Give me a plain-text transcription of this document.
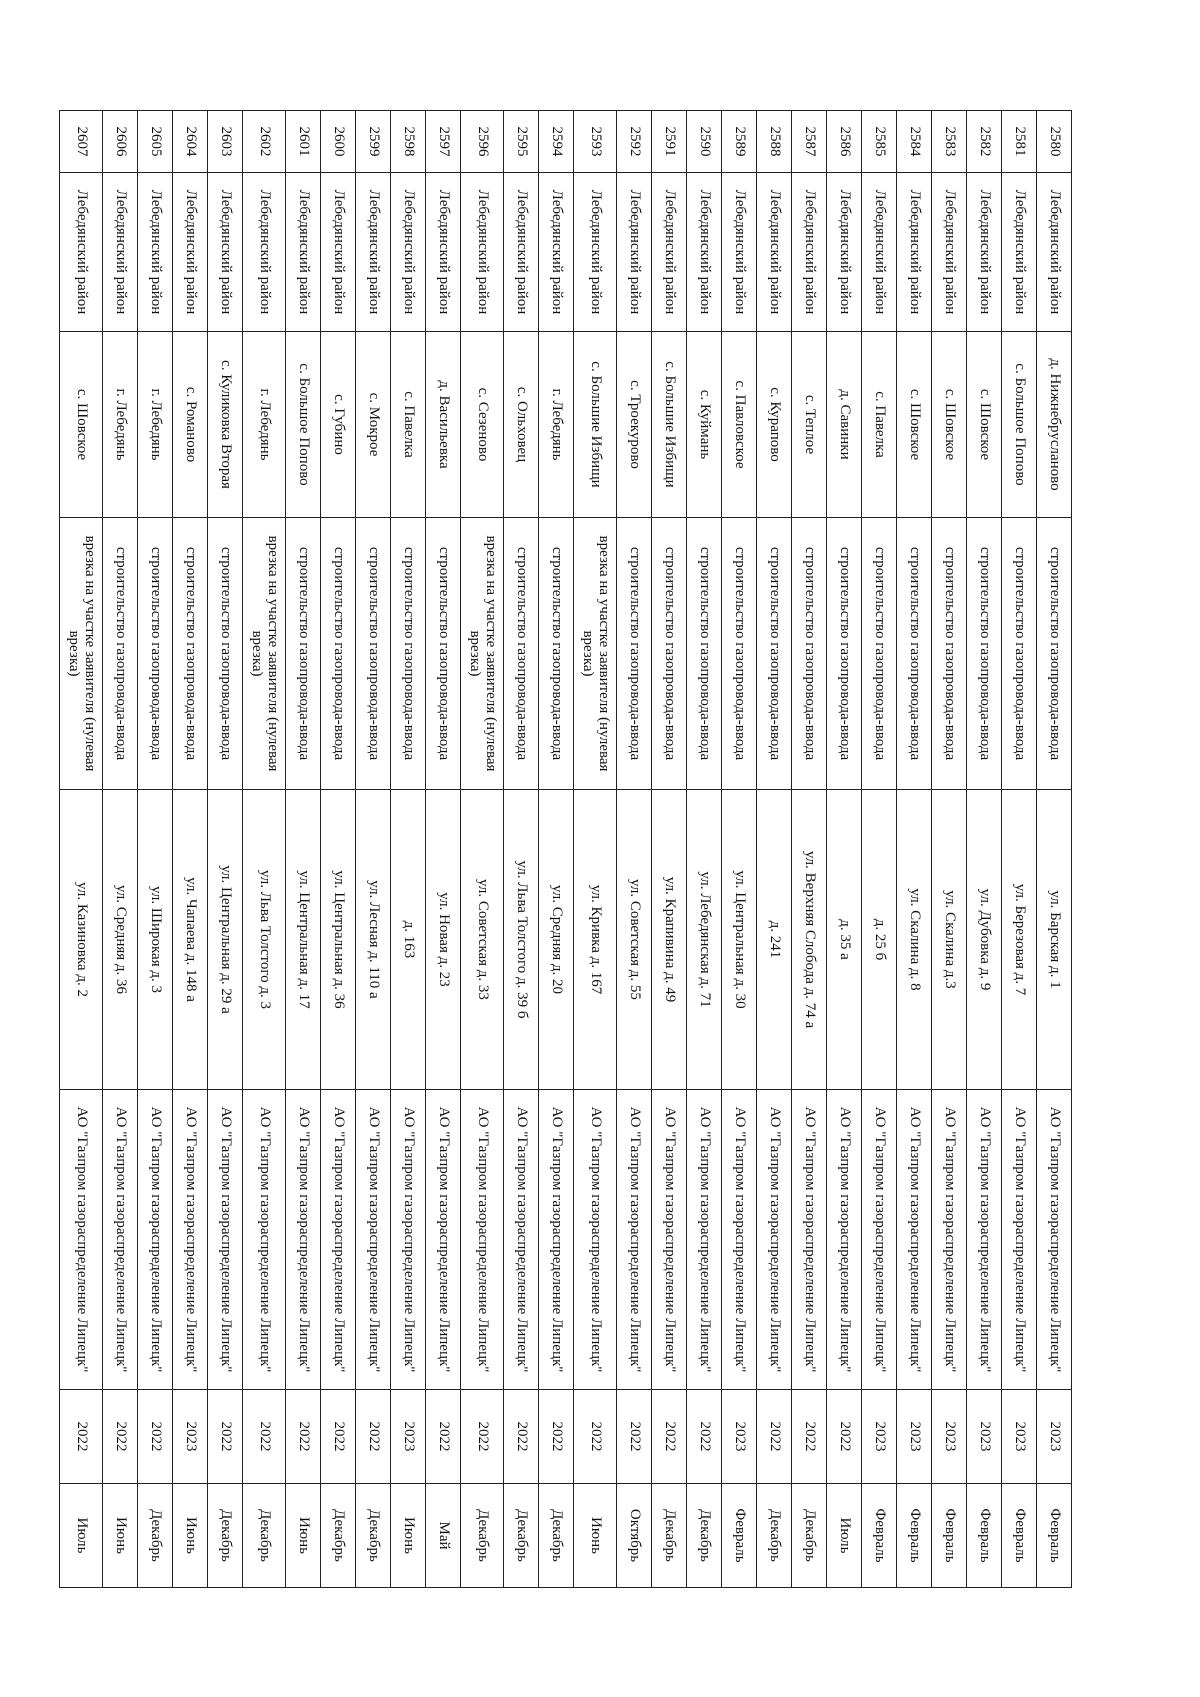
2580	Лебедянский район	д. Нижнебрусланово	строительство газопровода-ввода	ул. Барская д. 1	АО "Газпром газораспределение Липецк"	2023	Февраль
2581	Лебедянский район	с. Большое Попово	строительство газопровода-ввода	ул. Березовая д. 7	АО "Газпром газораспределение Липецк"	2023	Февраль
2582	Лебедянский район	с. Шовское	строительство газопровода-ввода	ул. Дубовка д. 9	АО "Газпром газораспределение Липецк"	2023	Февраль
2583	Лебедянский район	с. Шовское	строительство газопровода-ввода	ул. Скалина д.3	АО "Газпром газораспределение Липецк"	2023	Февраль
2584	Лебедянский район	с. Шовское	строительство газопровода-ввода	ул. Скалина д. 8	АО "Газпром газораспределение Липецк"	2023	Февраль
2585	Лебедянский район	с. Павелка	строительство газопровода-ввода	д. 25 б	АО "Газпром газораспределение Липецк"	2023	Февраль
2586	Лебедянский район	д. Савинки	строительство газопровода-ввода	д. 35 а	АО "Газпром газораспределение Липецк"	2022	Июль
2587	Лебедянский район	с. Теплое	строительство газопровода-ввода	ул. Верхняя Слобода д. 74 а	АО "Газпром газораспределение Липецк"	2022	Декабрь
2588	Лебедянский район	с. Курапово	строительство газопровода-ввода	д. 241	АО "Газпром газораспределение Липецк"	2022	Декабрь
2589	Лебедянский район	с. Павловское	строительство газопровода-ввода	ул. Центральная д. 30	АО "Газпром газораспределение Липецк"	2023	Февраль
2590	Лебедянский район	с. Куймань	строительство газопровода-ввода	ул. Лебедянская д. 71	АО "Газпром газораспределение Липецк"	2022	Декабрь
2591	Лебедянский район	с. Большие Избищи	строительство газопровода-ввода	ул. Крапивина д. 49	АО "Газпром газораспределение Липецк"	2022	Декабрь
2592	Лебедянский район	с. Троекурово	строительство газопровода-ввода	ул. Советская д. 55	АО "Газпром газораспределение Липецк"	2022	Октябрь
2593	Лебедянский район	с. Большие Избищи	врезка на участке заявителя (нулевая врезка)	ул. Кривка д. 167	АО "Газпром газораспределение Липецк"	2022	Июнь
2594	Лебедянский район	г. Лебедянь	строительство газопровода-ввода	ул. Средняя д. 20	АО "Газпром газораспределение Липецк"	2022	Декабрь
2595	Лебедянский район	с. Ольховец	строительство газопровода-ввода	ул. Льва Толстого д. 39 б	АО "Газпром газораспределение Липецк"	2022	Декабрь
2596	Лебедянский район	с. Сезеново	врезка на участке заявителя (нулевая врезка)	ул. Советская д. 33	АО "Газпром газораспределение Липецк"	2022	Декабрь
2597	Лебедянский район	д. Васильевка	строительство газопровода-ввода	ул. Новая д. 23	АО "Газпром газораспределение Липецк"	2022	Май
2598	Лебедянский район	с. Павелка	строительство газопровода-ввода	д. 163	АО "Газпром газораспределение Липецк"	2023	Июнь
2599	Лебедянский район	с. Мокрое	строительство газопровода-ввода	ул. Лесная д. 110 а	АО "Газпром газораспределение Липецк"	2022	Декабрь
2600	Лебедянский район	с. Губино	строительство газопровода-ввода	ул. Центральная д. 36	АО "Газпром газораспределение Липецк"	2022	Декабрь
2601	Лебедянский район	с. Большое Попово	строительство газопровода-ввода	ул. Центральная д. 17	АО "Газпром газораспределение Липецк"	2022	Июнь
2602	Лебедянский район	г. Лебедянь	врезка на участке заявителя (нулевая врезка)	ул. Льва Толстого д. 3	АО "Газпром газораспределение Липецк"	2022	Декабрь
2603	Лебедянский район	с. Куликовка Вторая	строительство газопровода-ввода	ул. Центральная д. 29 а	АО "Газпром газораспределение Липецк"	2022	Декабрь
2604	Лебедянский район	с. Романово	строительство газопровода-ввода	ул. Чапаева д. 148 а	АО "Газпром газораспределение Липецк"	2023	Июнь
2605	Лебедянский район	г. Лебедянь	строительство газопровода-ввода	ул. Широкая д. 3	АО "Газпром газораспределение Липецк"	2022	Декабрь
2606	Лебедянский район	г. Лебедянь	строительство газопровода-ввода	ул. Средняя д. 36	АО "Газпром газораспределение Липецк"	2022	Июнь
2607	Лебедянский район	с. Шовское	врезка на участке заявителя (нулевая врезка)	ул. Казиновка д. 2	АО "Газпром газораспределение Липецк"	2022	Июль
